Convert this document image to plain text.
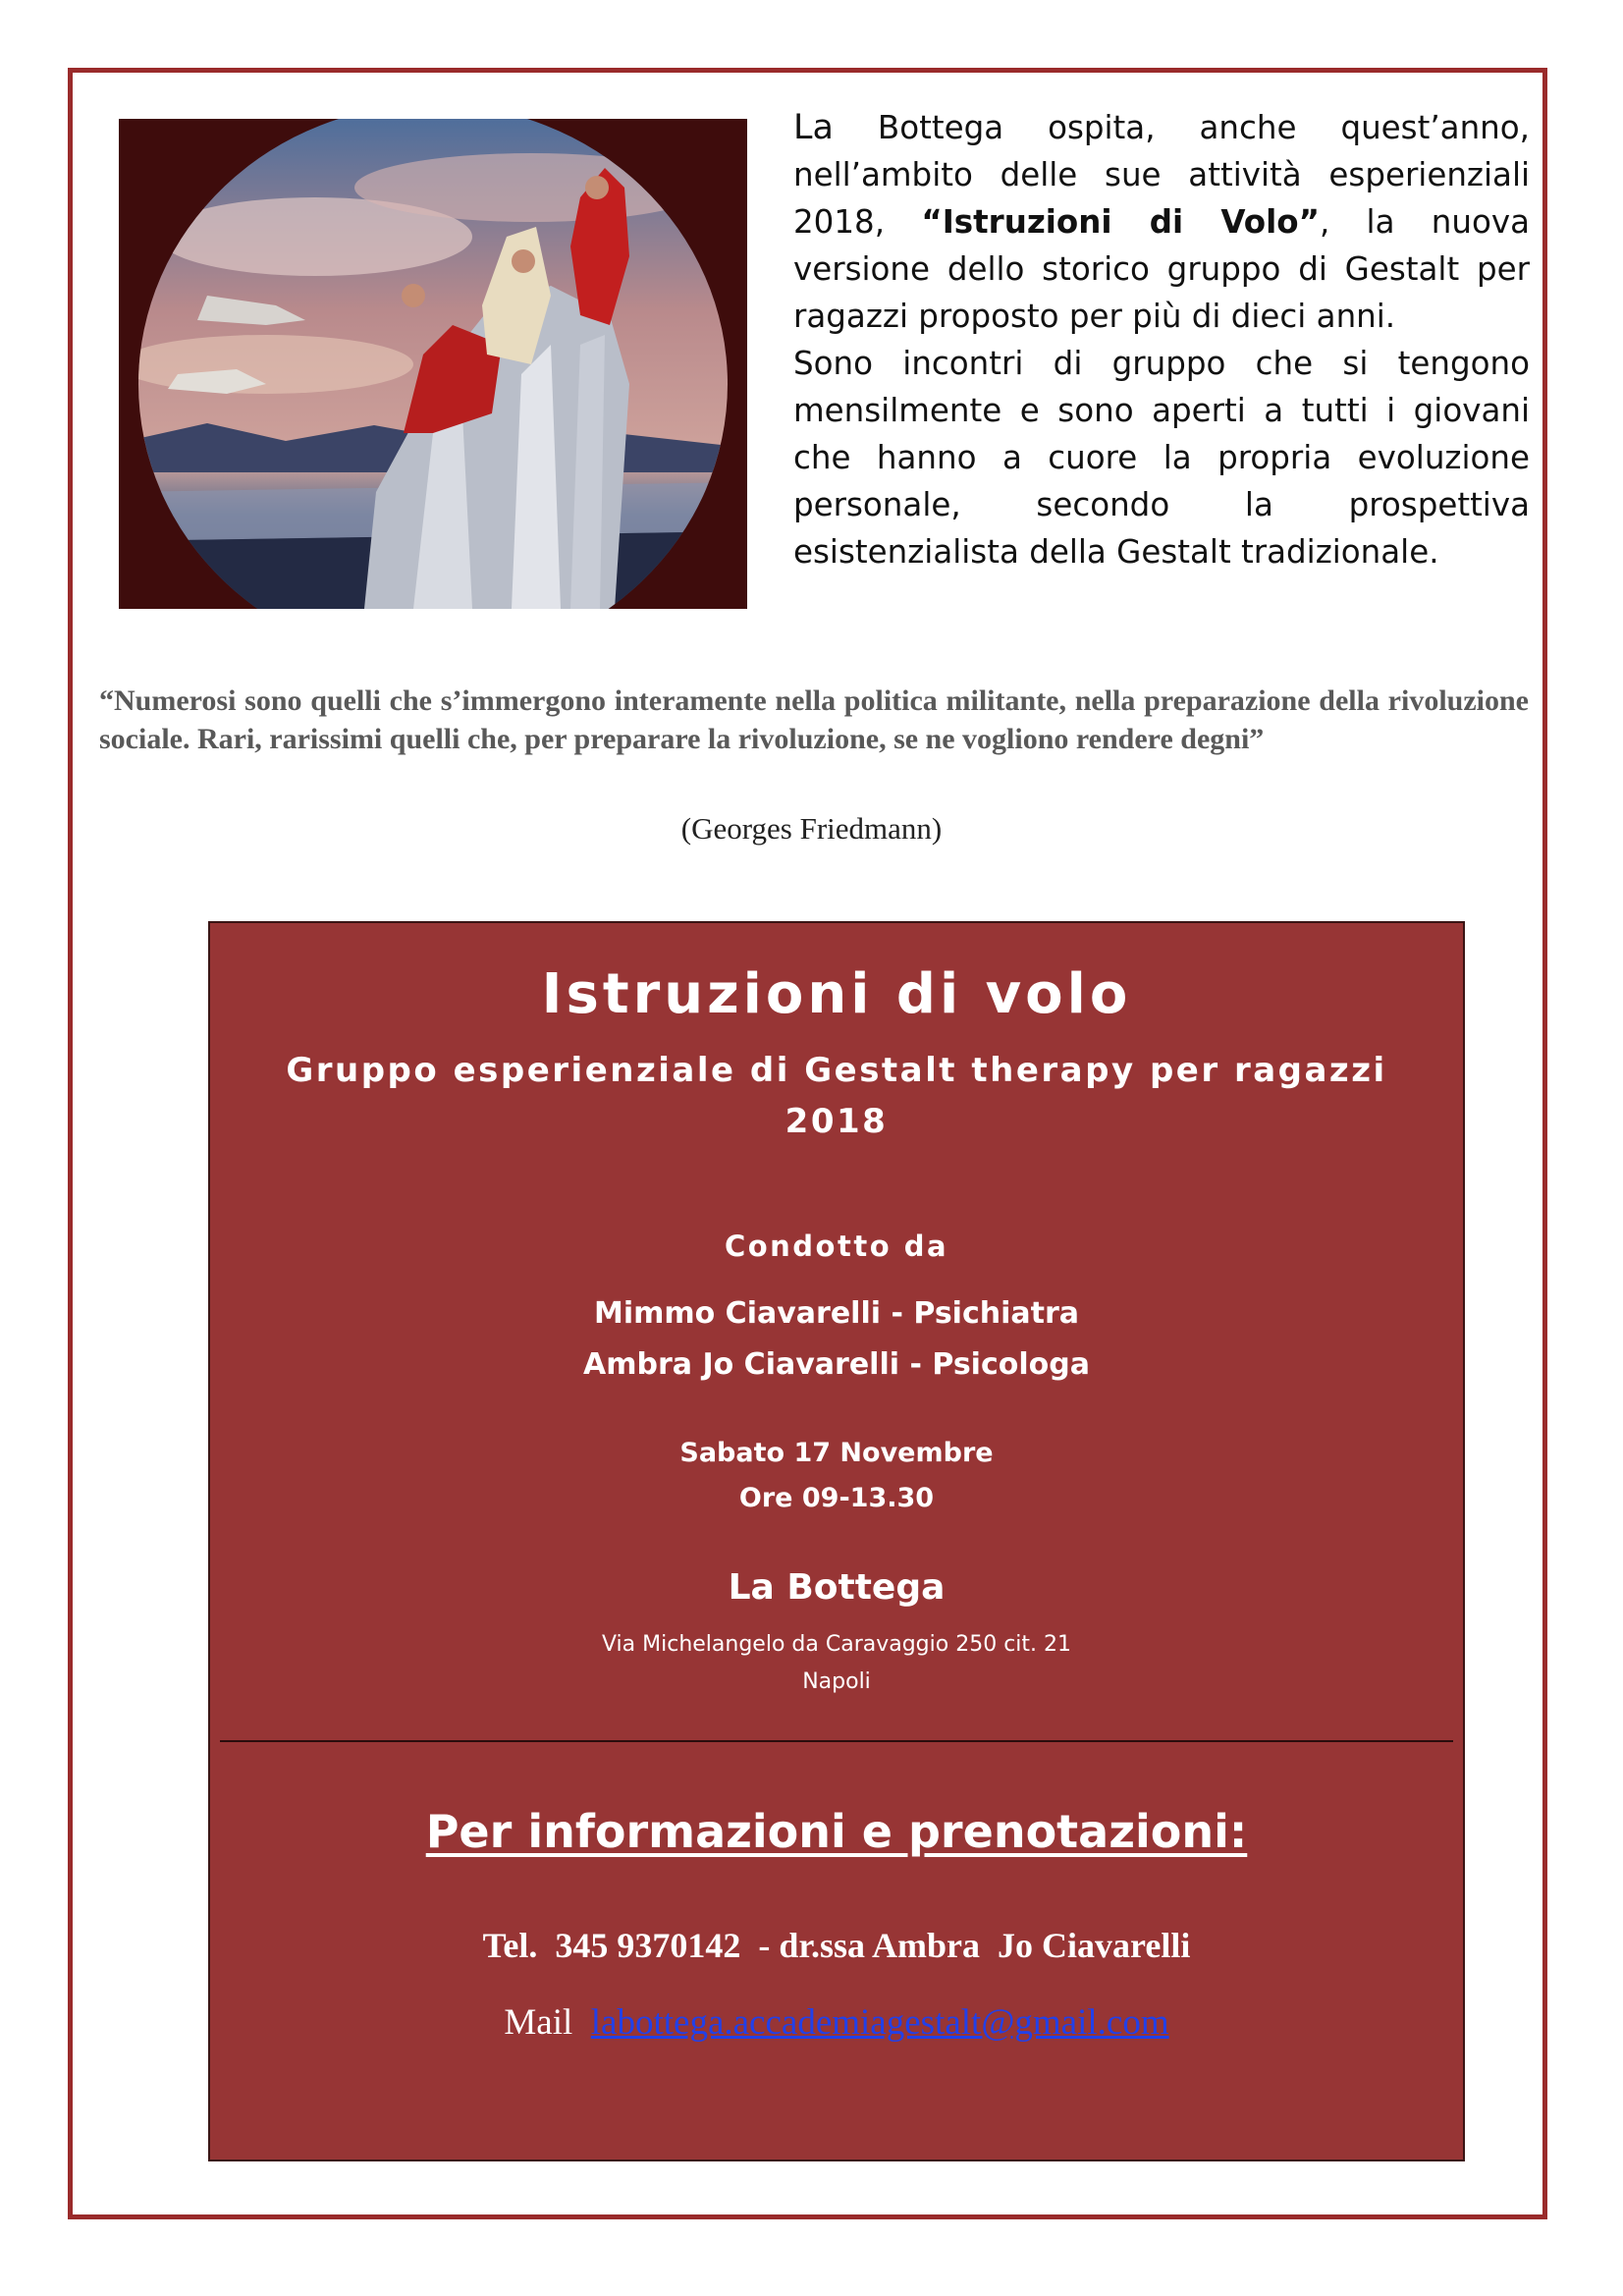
La Bottega ospita, anche quest’anno, nell’ambito delle sue attività esperienziali 2018, “Istruzioni di Volo”, la nuova versione dello storico gruppo di Gestalt per ragazzi proposto per più di dieci anni.

Sono incontri di gruppo che si tengono mensilmente e sono aperti a tutti i giovani che hanno a cuore la propria evoluzione personale, secondo la prospettiva esistenzialista della Gestalt tradizionale.

“Numerosi sono quelli che s’immergono interamente nella politica militante, nella preparazione della rivoluzione sociale. Rari, rarissimi quelli che, per preparare la rivoluzione, se ne vogliono rendere degni”
(Georges Friedmann)
Istruzioni di volo
Gruppo esperienziale di Gestalt therapy per ragazzi
2018
Condotto da
Mimmo Ciavarelli - Psichiatra
Ambra Jo Ciavarelli - Psicologa
Sabato 17 Novembre
Ore 09-13.30
La Bottega
Via Michelangelo da Caravaggio 250 cit. 21
Napoli
Per informazioni e prenotazioni:
Tel.  345 9370142  - dr.ssa Ambra  Jo Ciavarelli
Mail  labottega.accademiagestalt@gmail.com
